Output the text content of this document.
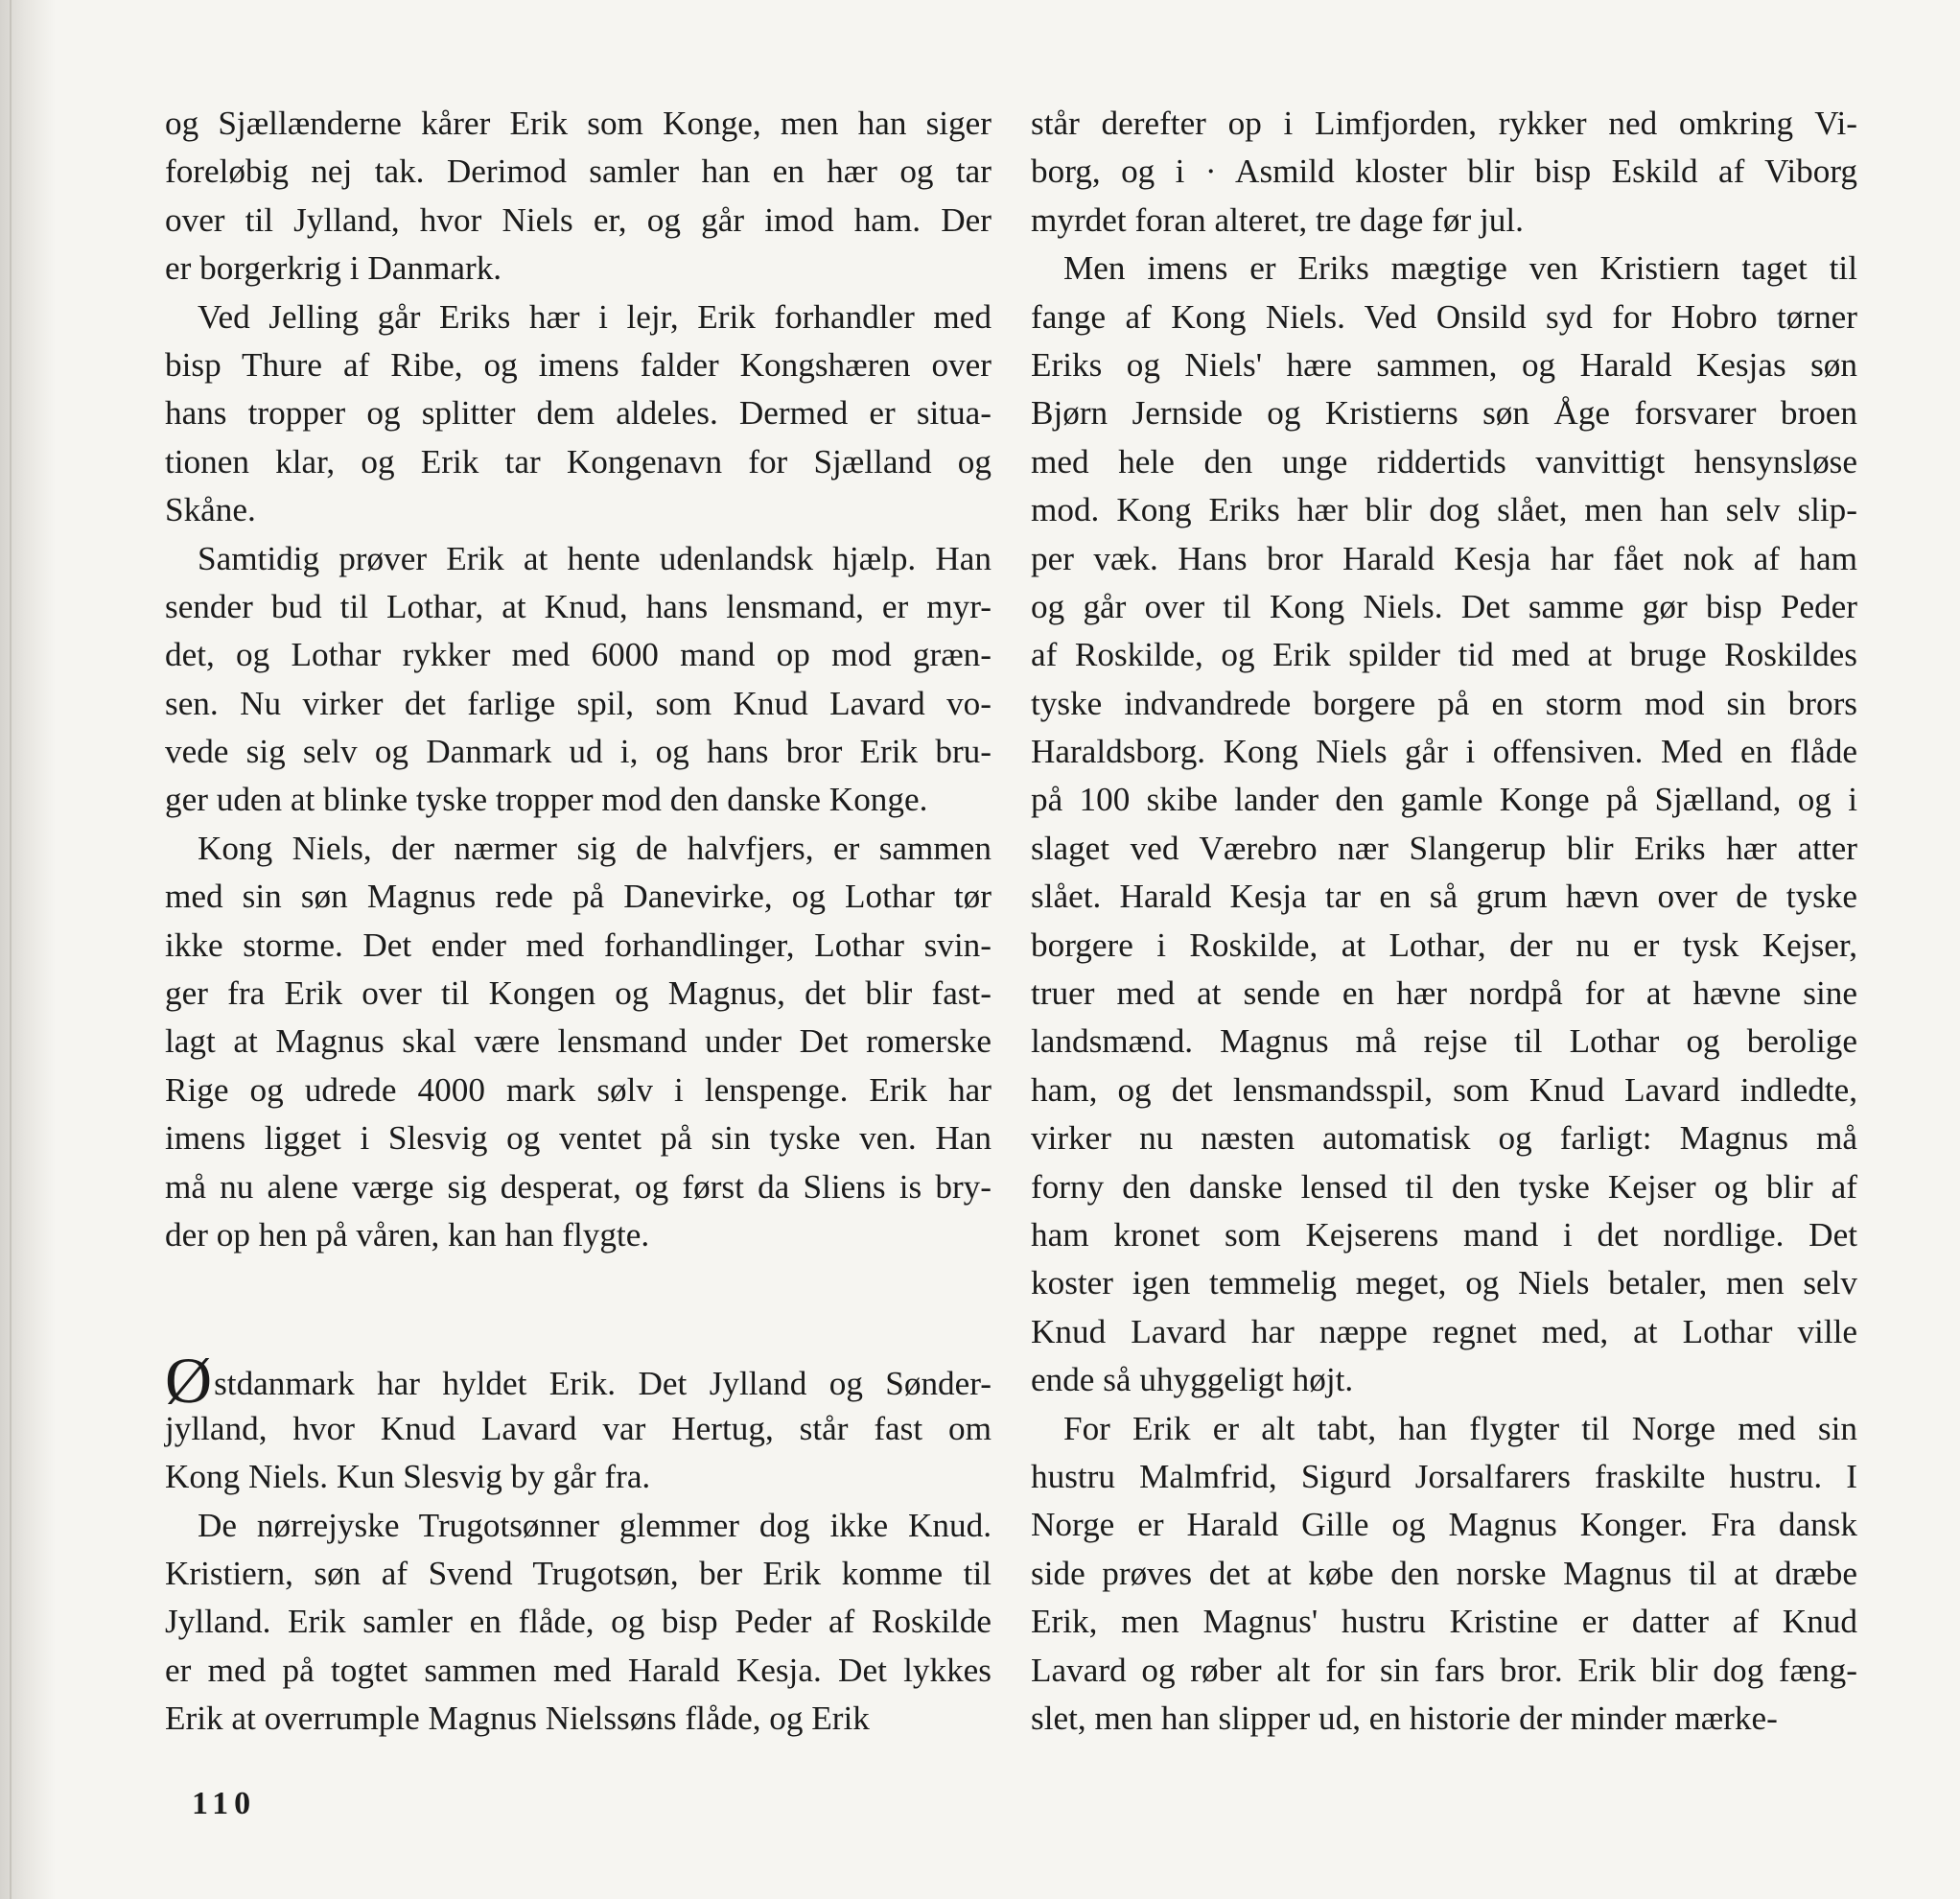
og Sjællænderne kårer Erik som Konge, men han siger
foreløbig nej tak. Derimod samler han en hær og tar
over til Jylland, hvor Niels er, og går imod ham. Der
er borgerkrig i Danmark.
Ved Jelling går Eriks hær i lejr, Erik forhandler med
bisp Thure af Ribe, og imens falder Kongshæren over
hans tropper og splitter dem aldeles. Dermed er situa-
tionen klar, og Erik tar Kongenavn for Sjælland og
Skåne.
Samtidig prøver Erik at hente udenlandsk hjælp. Han
sender bud til Lothar, at Knud, hans lensmand, er myr-
det, og Lothar rykker med 6000 mand op mod græn-
sen. Nu virker det farlige spil, som Knud Lavard vo-
vede sig selv og Danmark ud i, og hans bror Erik bru-
ger uden at blinke tyske tropper mod den danske Konge.
Kong Niels, der nærmer sig de halvfjers, er sammen
med sin søn Magnus rede på Danevirke, og Lothar tør
ikke storme. Det ender med forhandlinger, Lothar svin-
ger fra Erik over til Kongen og Magnus, det blir fast-
lagt at Magnus skal være lensmand under Det romerske
Rige og udrede 4000 mark sølv i lenspenge. Erik har
imens ligget i Slesvig og ventet på sin tyske ven. Han
må nu alene værge sig desperat, og først da Sliens is bry-
der op hen på våren, kan han flygte.
Østdanmark har hyldet Erik. Det Jylland og Sønder-
jylland, hvor Knud Lavard var Hertug, står fast om
Kong Niels. Kun Slesvig by går fra.
De nørrejyske Trugotsønner glemmer dog ikke Knud.
Kristiern, søn af Svend Trugotsøn, ber Erik komme til
Jylland. Erik samler en flåde, og bisp Peder af Roskilde
er med på togtet sammen med Harald Kesja. Det lykkes
Erik at overrumple Magnus Nielssøns flåde, og Erik
står derefter op i Limfjorden, rykker ned omkring Vi-
borg, og i · Asmild kloster blir bisp Eskild af Viborg
myrdet foran alteret, tre dage før jul.
Men imens er Eriks mægtige ven Kristiern taget til
fange af Kong Niels. Ved Onsild syd for Hobro tørner
Eriks og Niels' hære sammen, og Harald Kesjas søn
Bjørn Jernside og Kristierns søn Åge forsvarer broen
med hele den unge riddertids vanvittigt hensynsløse
mod. Kong Eriks hær blir dog slået, men han selv slip-
per væk. Hans bror Harald Kesja har fået nok af ham
og går over til Kong Niels. Det samme gør bisp Peder
af Roskilde, og Erik spilder tid med at bruge Roskildes
tyske indvandrede borgere på en storm mod sin brors
Haraldsborg. Kong Niels går i offensiven. Med en flåde
på 100 skibe lander den gamle Konge på Sjælland, og i
slaget ved Værebro nær Slangerup blir Eriks hær atter
slået. Harald Kesja tar en så grum hævn over de tyske
borgere i Roskilde, at Lothar, der nu er tysk Kejser,
truer med at sende en hær nordpå for at hævne sine
landsmænd. Magnus må rejse til Lothar og berolige
ham, og det lensmandsspil, som Knud Lavard indledte,
virker nu næsten automatisk og farligt: Magnus må
forny den danske lensed til den tyske Kejser og blir af
ham kronet som Kejserens mand i det nordlige. Det
koster igen temmelig meget, og Niels betaler, men selv
Knud Lavard har næppe regnet med, at Lothar ville
ende så uhyggeligt højt.
For Erik er alt tabt, han flygter til Norge med sin
hustru Malmfrid, Sigurd Jorsalfarers fraskilte hustru. I
Norge er Harald Gille og Magnus Konger. Fra dansk
side prøves det at købe den norske Magnus til at dræbe
Erik, men Magnus' hustru Kristine er datter af Knud
Lavard og røber alt for sin fars bror. Erik blir dog fæng-
slet, men han slipper ud, en historie der minder mærke-
110
